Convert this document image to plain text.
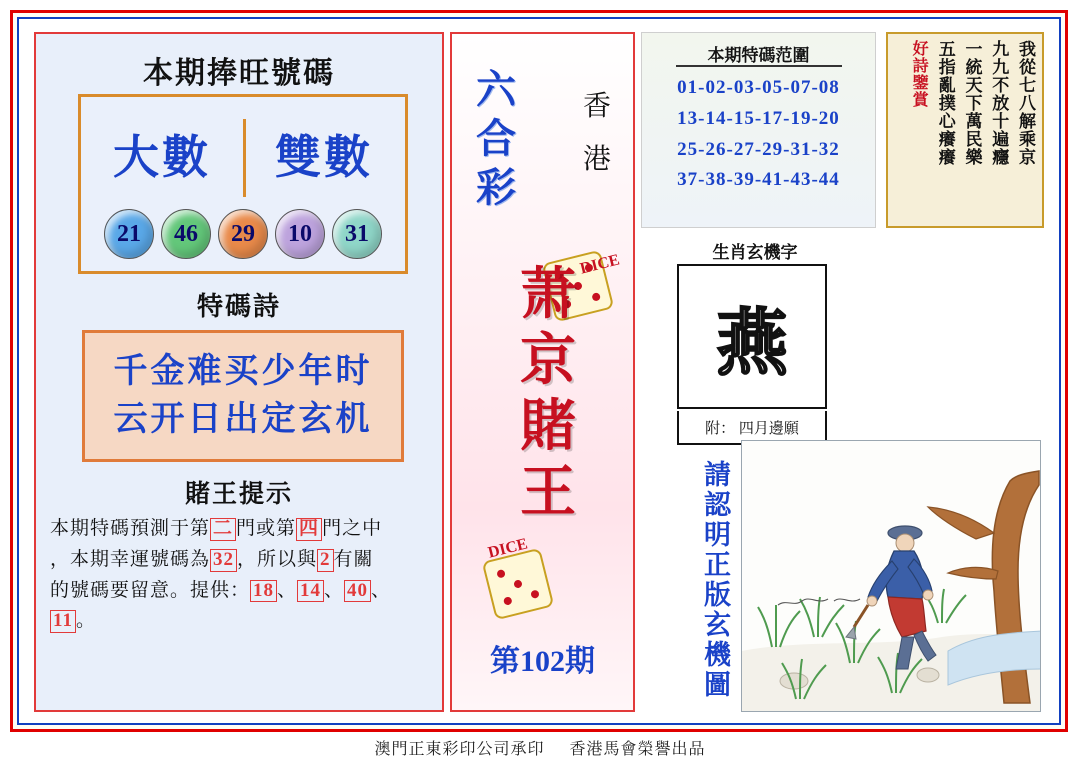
本期捧旺號碼
大數	雙數
21	46	29	10	31
特碼詩
千金难买少年时
云开日出定玄机
賭王提示
本期特碼預測于第 二 門或第 四 門之中
，本期幸運號碼為 32 ，所以與 2 有關
的號碼要留意。提供： 18 、 14 、 40 、
11 。
六合彩
香港
DICE
萧京賭王
DICE
第102期
本期特碼范圍
01-02-03-05-07-08
13-14-15-17-19-20
25-26-27-29-31-32
37-38-39-41-43-44
我從七八解乘京
九九不放十遍癮
一統天下萬民樂
五指亂撲心癢癢
好詩鑒賞
生肖玄機字
燕
附： 四月邊願
請認明正版玄機圖
澳門正東彩印公司承印 香港馬會榮譽出品
